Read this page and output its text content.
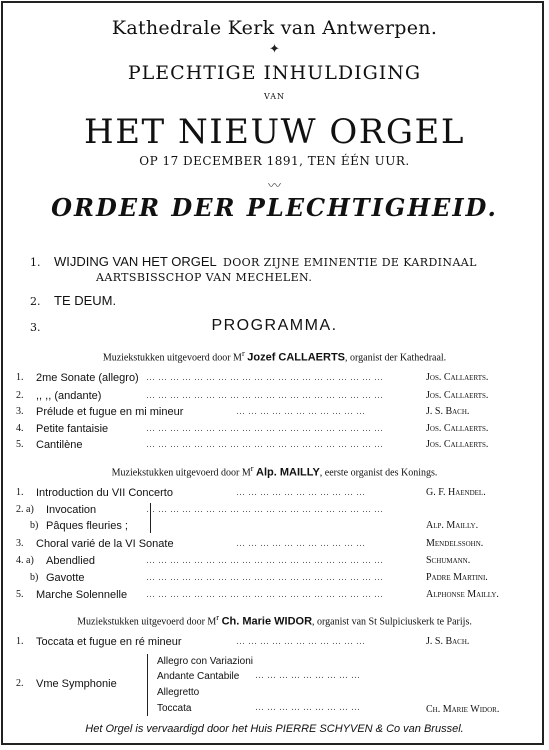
Kathedrale Kerk van Antwerpen.
✦
PLECHTIGE INHULDIGING
VAN
HET NIEUW ORGEL
OP 17 DECEMBER 1891, TEN ÉÉN UUR.
〰
ORDER DER PLECHTIGHEID.
1. WIJDING VAN HET ORGEL DOOR ZIJNE EMINENTIE DE KARDINAAL
AARTSBISSCHOP VAN MECHELEN.
2. TE DEUM.
3.	PROGRAMMA.
Muziekstukken uitgevoerd door $M^r$ Jozef CALLAERTS, organist der Kathedraal.
1. 2me Sonate (allegro) ……………………………………………………	Jos. Callaerts.
2. ,, ,, (andante)	……………………………………………………	Jos. Callaerts.
3. Prélude et fugue en mi mineur	……………………………	J. S. Bach.
4. Petite fantaisie	……………………………………………………	Jos. Callaerts.
5. Cantilène	……………………………………………………	Jos. Callaerts.
Muziekstukken uitgevoerd door $M^r$ Alp. MAILLY, eerste organist des Konings.
1. Introduction du VII Concerto	……………………………	G. F. Haendel.
2. a) Invocation	……………………………………………………
b) Pâques fleuries ;	Alp. Mailly.
3. Choral varié de la VI Sonate	……………………………	Mendelssohn.
4. a) Abendlied	……………………………………………………	Schumann.
b) Gavotte	……………………………………………………	Padre Martini.
5. Marche Solennelle ……………………………………………………	Alphonse Mailly.
Muziekstukken uitgevoerd door $M^r$ Ch. Marie WIDOR, organist van St Sulpiciuskerk te Parijs.
1. Toccata et fugue en ré mineur	……………………………	J. S. Bach.
2. Vme Symphonie
Allegro con Variazioni
Andante Cantabile
Allegretto
Toccata
………………………
………………………	Ch. Marie Widor.
Het Orgel is vervaardigd door het Huis PIERRE SCHYVEN & Co van Brussel.
